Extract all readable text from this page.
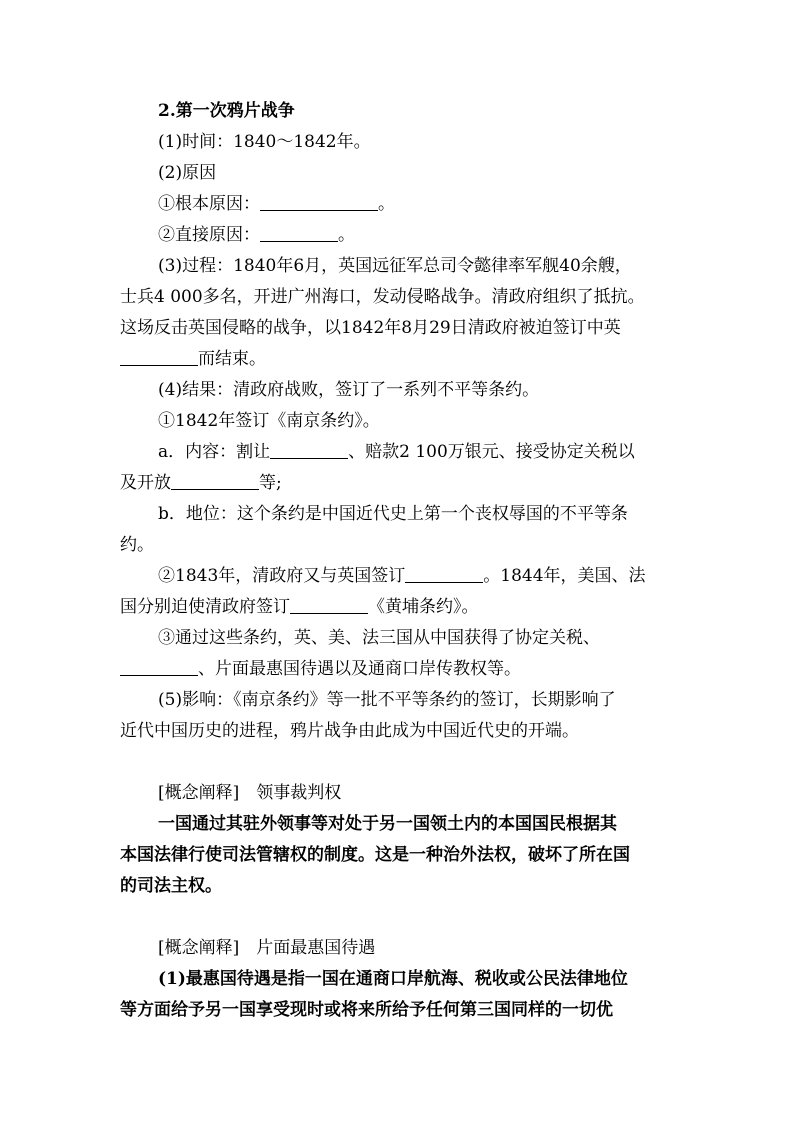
2.第一次鸦片战争
(1)时间：1840～1842年。
(2)原因
①根本原因：	。
②直接原因：	。
(3)过程：1840年6月，英国远征军总司令懿律率军舰40余艘，
士兵4 000多名，开进广州海口，发动侵略战争。清政府组织了抵抗。
这场反击英国侵略的战争，以1842年8月29日清政府被迫签订中英
而结束。
(4)结果：清政府战败，签订了一系列不平等条约。
①1842年签订《南京条约》。
a．内容：割让	、赔款2 100万银元、接受协定关税以
及开放	等;
b．地位：这个条约是中国近代史上第一个丧权辱国的不平等条
约。
②1843年，清政府又与英国签订	。1844年，美国、法
国分别迫使清政府签订	《黄埔条约》。
③通过这些条约，英、美、法三国从中国获得了协定关税、
、片面最惠国待遇以及通商口岸传教权等。
(5)影响：《南京条约》等一批不平等条约的签订，长期影响了
近代中国历史的进程，鸦片战争由此成为中国近代史的开端。
[概念阐释]　领事裁判权
一国通过其驻外领事等对处于另一国领土内的本国国民根据其
本国法律行使司法管辖权的制度。这是一种治外法权，破坏了所在国
的司法主权。
[概念阐释]　片面最惠国待遇
(1)最惠国待遇是指一国在通商口岸航海、税收或公民法律地位
等方面给予另一国享受现时或将来所给予任何第三国同样的一切优
